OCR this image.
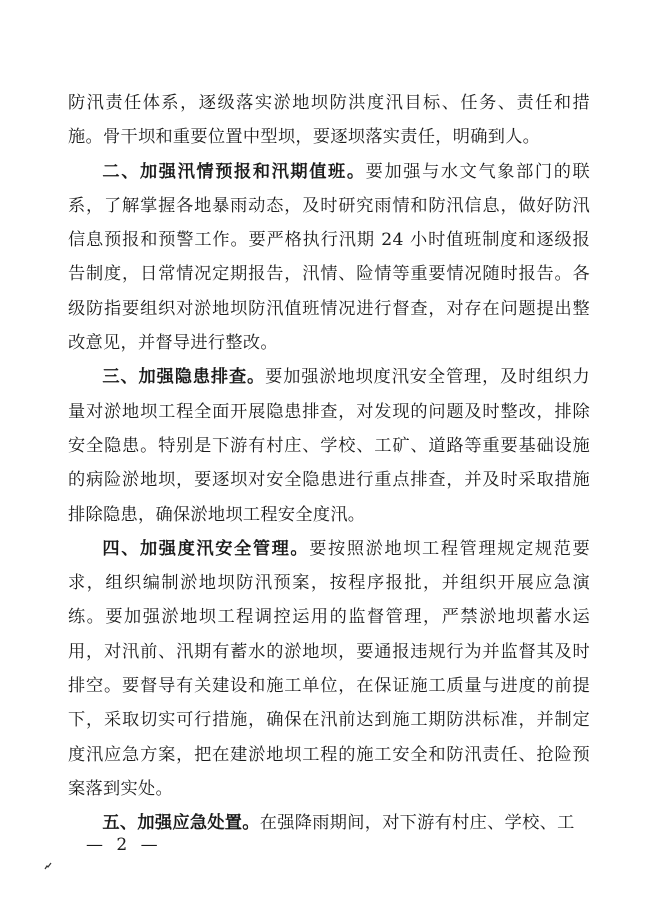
防汛责任体系，逐级落实淤地坝防洪度汛目标、任务、责任和措施。骨干坝和重要位置中型坝，要逐坝落实责任，明确到人。

二、加强汛情预报和汛期值班。要加强与水文气象部门的联系，了解掌握各地暴雨动态，及时研究雨情和防汛信息，做好防汛信息预报和预警工作。要严格执行汛期 24 小时值班制度和逐级报告制度，日常情况定期报告，汛情、险情等重要情况随时报告。各级防指要组织对淤地坝防汛值班情况进行督查，对存在问题提出整改意见，并督导进行整改。

三、加强隐患排查。要加强淤地坝度汛安全管理，及时组织力量对淤地坝工程全面开展隐患排查，对发现的问题及时整改，排除安全隐患。特别是下游有村庄、学校、工矿、道路等重要基础设施的病险淤地坝，要逐坝对安全隐患进行重点排查，并及时采取措施排除隐患，确保淤地坝工程安全度汛。

四、加强度汛安全管理。要按照淤地坝工程管理规定规范要求，组织编制淤地坝防汛预案，按程序报批，并组织开展应急演练。要加强淤地坝工程调控运用的监督管理，严禁淤地坝蓄水运用，对汛前、汛期有蓄水的淤地坝，要通报违规行为并监督其及时排空。要督导有关建设和施工单位，在保证施工质量与进度的前提下，采取切实可行措施，确保在汛前达到施工期防洪标准，并制定度汛应急方案，把在建淤地坝工程的施工安全和防汛责任、抢险预案落到实处。

五、加强应急处置。在强降雨期间，对下游有村庄、学校、工

— 2 —
